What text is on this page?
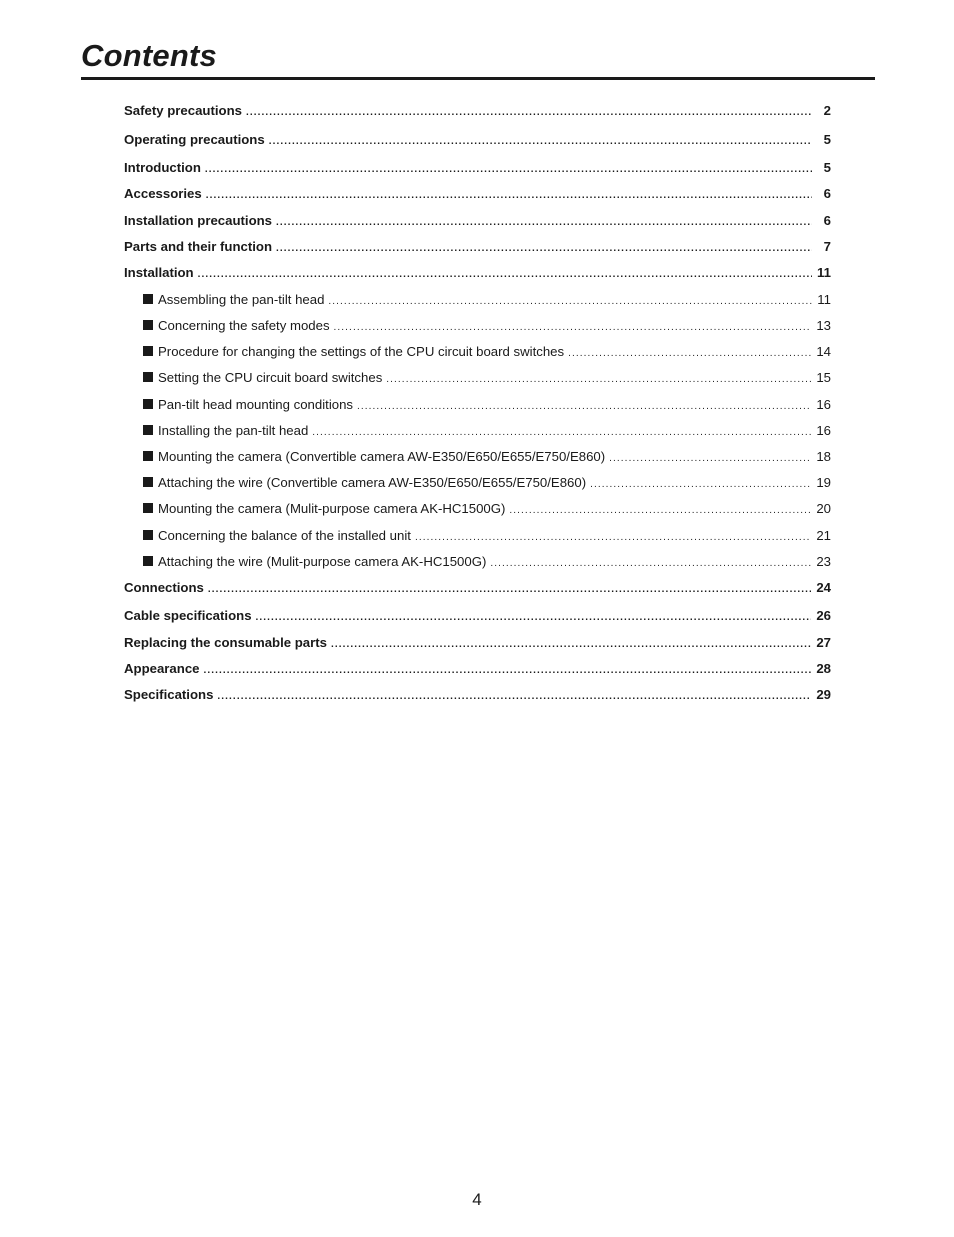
Contents
Safety precautions .....	2
Operating precautions .....	5
Introduction .....	5
Accessories .....	6
Installation precautions .....	6
Parts and their function .....	7
Installation .....	11
Assembling the pan-tilt head .....	11
Concerning the safety modes .....	13
Procedure for changing the settings of the CPU circuit board switches .....	14
Setting the CPU circuit board switches .....	15
Pan-tilt head mounting conditions .....	16
Installing the pan-tilt head .....	16
Mounting the camera (Convertible camera AW-E350/E650/E655/E750/E860) .....	18
Attaching the wire (Convertible camera AW-E350/E650/E655/E750/E860) .....	19
Mounting the camera (Mulit-purpose camera AK-HC1500G) .....	20
Concerning the balance of the installed unit .....	21
Attaching the wire (Mulit-purpose camera AK-HC1500G) .....	23
Connections .....	24
Cable specifications .....	26
Replacing the consumable parts .....	27
Appearance .....	28
Specifications .....	29
4
